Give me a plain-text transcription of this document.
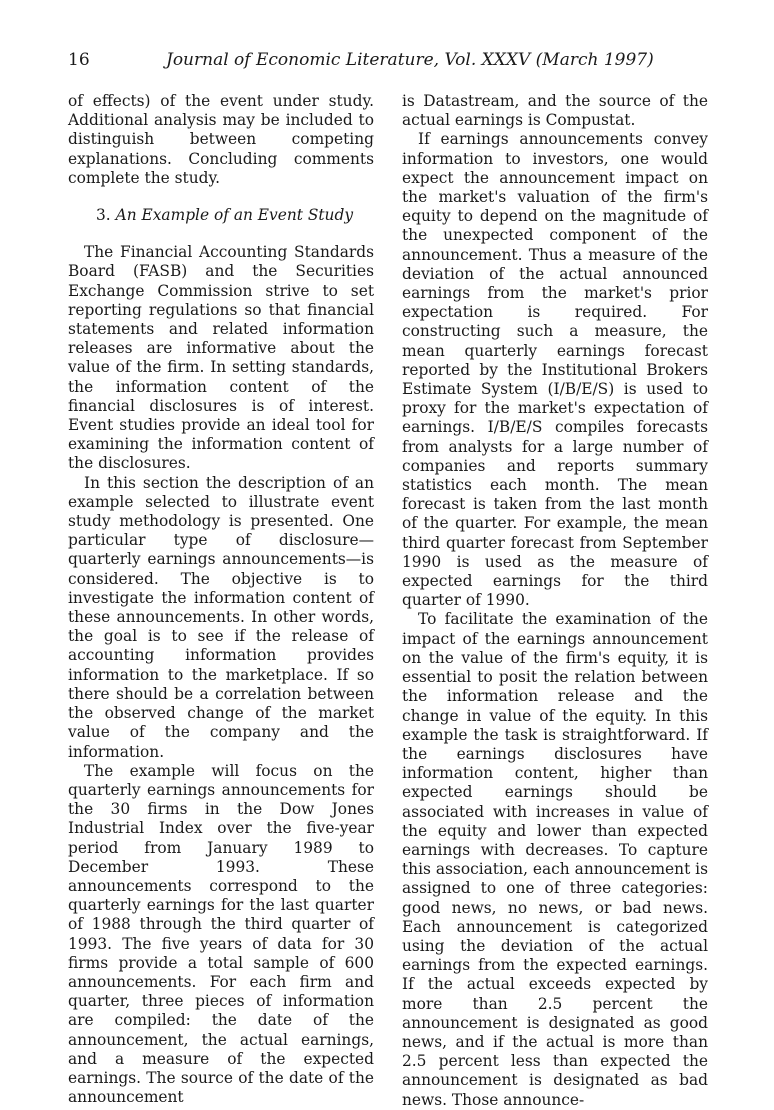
16	Journal of Economic Literature, Vol. XXXV (March 1997)

of effects) of the event under study. Additional analysis may be included to distinguish between competing explanations. Concluding comments complete the study.

3. An Example of an Event Study

The Financial Accounting Standards Board (FASB) and the Securities Exchange Commission strive to set reporting regulations so that financial statements and related information releases are informative about the value of the firm. In setting standards, the information content of the financial disclosures is of interest. Event studies provide an ideal tool for examining the information content of the disclosures.

In this section the description of an example selected to illustrate event study methodology is presented. One particular type of disclosure—quarterly earnings announcements—is considered. The objective is to investigate the information content of these announcements. In other words, the goal is to see if the release of accounting information provides information to the marketplace. If so there should be a correlation between the observed change of the market value of the company and the information.

The example will focus on the quarterly earnings announcements for the 30 firms in the Dow Jones Industrial Index over the five-year period from January 1989 to December 1993. These announcements correspond to the quarterly earnings for the last quarter of 1988 through the third quarter of 1993. The five years of data for 30 firms provide a total sample of 600 announcements. For each firm and quarter, three pieces of information are compiled: the date of the announcement, the actual earnings, and a measure of the expected earnings. The source of the date of the announcement

is Datastream, and the source of the actual earnings is Compustat.

If earnings announcements convey information to investors, one would expect the announcement impact on the market's valuation of the firm's equity to depend on the magnitude of the unexpected component of the announcement. Thus a measure of the deviation of the actual announced earnings from the market's prior expectation is required. For constructing such a measure, the mean quarterly earnings forecast reported by the Institutional Brokers Estimate System (I/B/E/S) is used to proxy for the market's expectation of earnings. I/B/E/S compiles forecasts from analysts for a large number of companies and reports summary statistics each month. The mean forecast is taken from the last month of the quarter. For example, the mean third quarter forecast from September 1990 is used as the measure of expected earnings for the third quarter of 1990.

To facilitate the examination of the impact of the earnings announcement on the value of the firm's equity, it is essential to posit the relation between the information release and the change in value of the equity. In this example the task is straightforward. If the earnings disclosures have information content, higher than expected earnings should be associated with increases in value of the equity and lower than expected earnings with decreases. To capture this association, each announcement is assigned to one of three categories: good news, no news, or bad news. Each announcement is categorized using the deviation of the actual earnings from the expected earnings. If the actual exceeds expected by more than 2.5 percent the announcement is designated as good news, and if the actual is more than 2.5 percent less than expected the announcement is designated as bad news. Those announce-
